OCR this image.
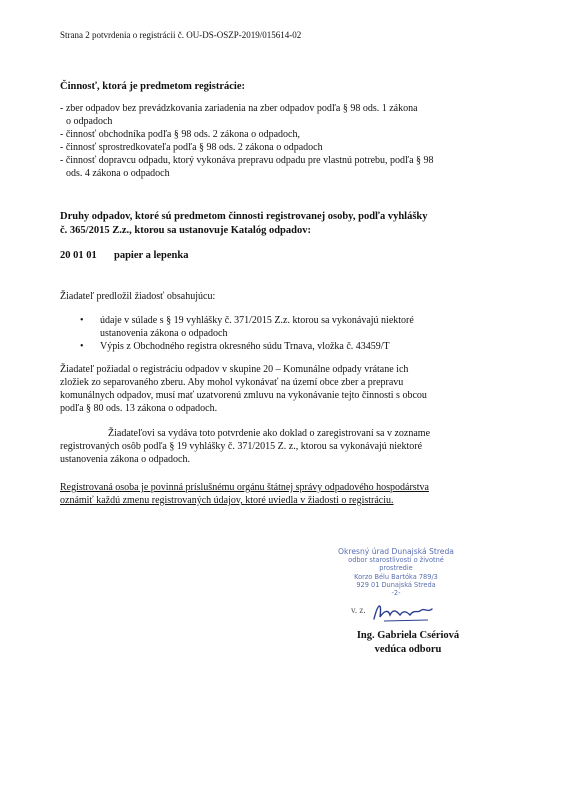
Strana 2 potvrdenia o registrácii č. OU-DS-OSZP-2019/015614-02
Činnosť, ktorá je predmetom registrácie:
- zber odpadov bez prevádzkovania zariadenia na zber odpadov podľa § 98 ods. 1 zákona
o odpadoch
- činnosť obchodníka podľa § 98 ods. 2 zákona o odpadoch,
- činnosť sprostredkovateľa podľa § 98 ods. 2 zákona o odpadoch
- činnosť dopravcu odpadu, ktorý vykonáva prepravu odpadu pre vlastnú potrebu, podľa § 98
ods. 4 zákona o odpadoch
Druhy odpadov, ktoré sú predmetom činnosti registrovanej osoby, podľa vyhlášky
č. 365/2015 Z.z., ktorou sa ustanovuje Katalóg odpadov:
20 01 01 papier a lepenka
Žiadateľ predložil žiadosť obsahujúcu:
• údaje v súlade s § 19 vyhlášky č. 371/2015 Z.z. ktorou sa vykonávajú niektoré
ustanovenia zákona o odpadoch
• Výpis z Obchodného registra okresného súdu Trnava, vložka č. 43459/T
Žiadateľ požiadal o registráciu odpadov v skupine 20 – Komunálne odpady vrátane ich
zložiek zo separovaného zberu. Aby mohol vykonávať na území obce zber a prepravu
komunálnych odpadov, musí mať uzatvorenú zmluvu na vykonávanie tejto činnosti s obcou
podľa § 80 ods. 13 zákona o odpadoch.
Žiadateľovi sa vydáva toto potvrdenie ako doklad o zaregistrovaní sa v zozname
registrovaných osôb podľa § 19 vyhlášky č. 371/2015 Z. z., ktorou sa vykonávajú niektoré
ustanovenia zákona o odpadoch.
Registrovaná osoba je povinná príslušnému orgánu štátnej správy odpadového hospodárstva
oznámiť každú zmenu registrovaných údajov, ktoré uviedla v žiadosti o registráciu.
Okresný úrad Dunajská Streda
odbor starostlivosti o životné prostredie
Korzo Bélu Bartóka 789/3
929 01 Dunajská Streda
-2-
v. z.
Ing. Gabriela Csériová
vedúca odboru
